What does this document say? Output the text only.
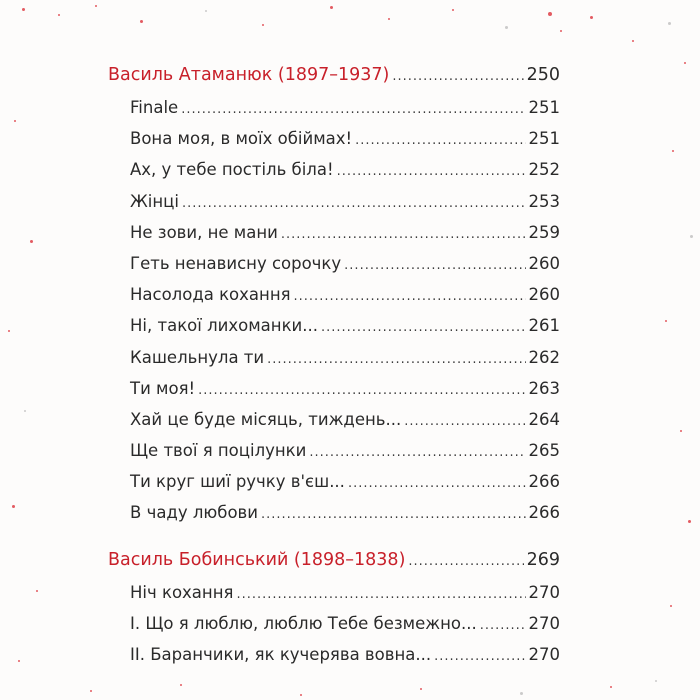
Василь Атаманюк (1897–1937) .....	250
Finale .....	251
Вона моя, в моїх обіймах! .....	251
Ах, у тебе постіль біла! .....	252
Жінці .....	253
Не зови, не мани .....	259
Геть ненависну сорочку .....	260
Насолода кохання .....	260
Ні, такої лихоманки... .....	261
Кашельнула ти .....	262
Ти моя! .....	263
Хай це буде місяць, тиждень... .....	264
Ще твої я поцілунки .....	265
Ти круг шиї ручку в'єш... .....	266
В чаду любови .....	266
Василь Бобинський (1898–1838) .....	269
Ніч кохання .....	270
І. Що я люблю, люблю Тебе безмежно... .....	270
ІІ. Баранчики, як кучерява вовна... .....	270
